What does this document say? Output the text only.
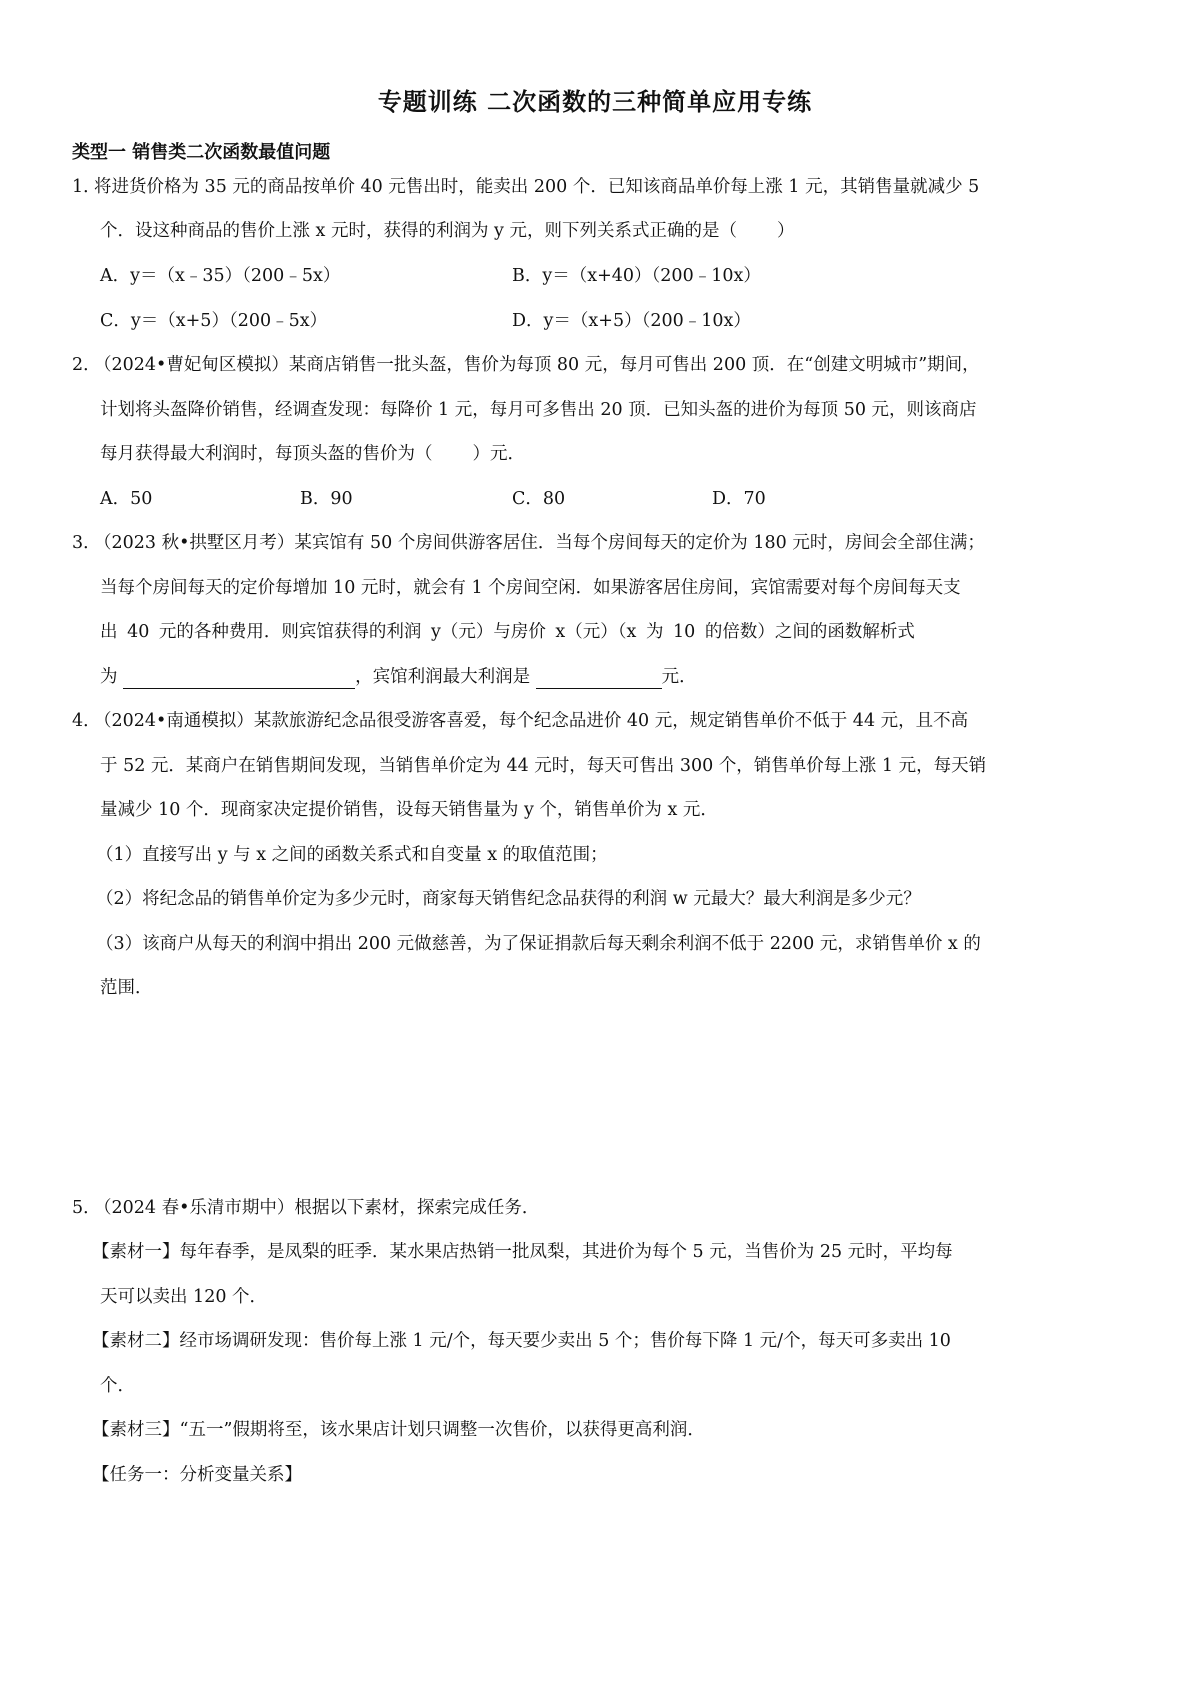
专题训练 二次函数的三种简单应用专练
类型一 销售类二次函数最值问题
1．
将进货价格为 35 元的商品按单价 40 元售出时，能卖出 200 个．已知该商品单价每上涨 1 元，其销售量就减少 5
个．设这种商品的售价上涨 x 元时，获得的利润为 y 元，则下列关系式正确的是（ ）
A．y＝（x﹣35）（200﹣5x）	B．y＝（x+40）（200﹣10x）
C．y＝（x+5）（200﹣5x）	D．y＝（x+5）（200﹣10x）
2．
（2024•曹妃甸区模拟）某商店销售一批头盔，售价为每顶 80 元，每月可售出 200 顶．在“创建文明城市”期间，
计划将头盔降价销售，经调查发现：每降价 1 元，每月可多售出 20 顶．已知头盔的进价为每顶 50 元，则该商店
每月获得最大利润时，每顶头盔的售价为（ ）元．
A．50	B．90	C．80	D．70
3．
（2023 秋•拱墅区月考）某宾馆有 50 个房间供游客居住．当每个房间每天的定价为 180 元时，房间会全部住满；
当每个房间每天的定价每增加 10 元时，就会有 1 个房间空闲．如果游客居住房间，宾馆需要对每个房间每天支
出 40 元的各种费用．则宾馆获得的利润 y（元）与房价 x（元）（x 为 10 的倍数）之间的函数解析式
为	，宾馆利润最大利润是	元．
4．
（2024•南通模拟）某款旅游纪念品很受游客喜爱，每个纪念品进价 40 元，规定销售单价不低于 44 元，且不高
于 52 元．某商户在销售期间发现，当销售单价定为 44 元时，每天可售出 300 个，销售单价每上涨 1 元，每天销
量减少 10 个．现商家决定提价销售，设每天销售量为 y 个，销售单价为 x 元．
（1）直接写出 y 与 x 之间的函数关系式和自变量 x 的取值范围；
（2）将纪念品的销售单价定为多少元时，商家每天销售纪念品获得的利润 w 元最大？最大利润是多少元？
（3）该商户从每天的利润中捐出 200 元做慈善，为了保证捐款后每天剩余利润不低于 2200 元，求销售单价 x 的
范围．
5．
（2024 春•乐清市期中）根据以下素材，探索完成任务．
【素材一】每年春季，是凤梨的旺季．某水果店热销一批凤梨，其进价为每个 5 元，当售价为 25 元时，平均每
天可以卖出 120 个．
【素材二】经市场调研发现：售价每上涨 1 元/个，每天要少卖出 5 个；售价每下降 1 元/个，每天可多卖出 10
个．
【素材三】“五一”假期将至，该水果店计划只调整一次售价，以获得更高利润．
【任务一：分析变量关系】
